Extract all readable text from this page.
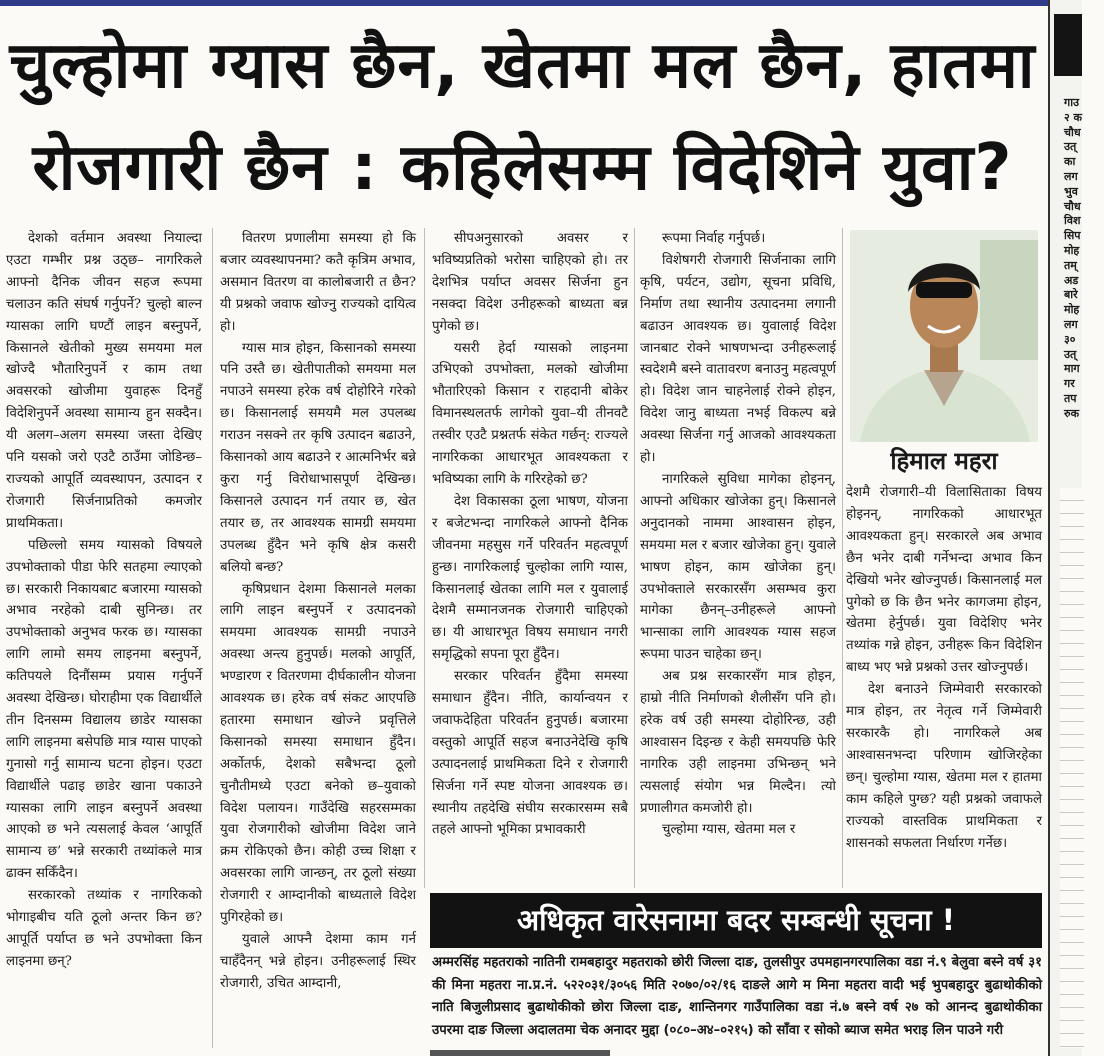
चुल्होमा ग्यास छैन, खेतमा मल छैन, हातमा
रोजगारी छैन : कहिलेसम्म विदेशिने युवा?

देशको वर्तमान अवस्था नियाल्दा एउटा गम्भीर प्रश्न उठ्छ– नागरिकले आफ्नो दैनिक जीवन सहज रूपमा चलाउन कति संघर्ष गर्नुपर्ने? चुल्हो बाल्न ग्यासका लागि घण्टौं लाइन बस्नुपर्ने, किसानले खेतीको मुख्य समयमा मल खोज्दै भौतारिनुपर्ने र काम तथा अवसरको खोजीमा युवाहरू दिनहुँ विदेशिनुपर्ने अवस्था सामान्य हुन सक्दैन। यी अलग–अलग समस्या जस्ता देखिए पनि यसको जरो एउटै ठाउँमा जोडिन्छ–राज्यको आपूर्ति व्यवस्थापन, उत्पादन र रोजगारी सिर्जनाप्रतिको कमजोर प्राथमिकता।

पछिल्लो समय ग्यासको विषयले उपभोक्ताको पीडा फेरि सतहमा ल्याएको छ। सरकारी निकायबाट बजारमा ग्यासको अभाव नरहेको दाबी सुनिन्छ। तर उपभोक्ताको अनुभव फरक छ। ग्यासका लागि लामो समय लाइनमा बस्नुपर्ने, कतिपयले दिनौंसम्म प्रयास गर्नुपर्ने अवस्था देखिन्छ। घोराहीमा एक विद्यार्थीले तीन दिनसम्म विद्यालय छाडेर ग्यासका लागि लाइनमा बसेपछि मात्र ग्यास पाएको गुनासो गर्नु सामान्य घटना होइन। एउटा विद्यार्थीले पढाइ छाडेर खाना पकाउने ग्यासका लागि लाइन बस्नुपर्ने अवस्था आएको छ भने त्यसलाई केवल ‘आपूर्ति सामान्य छ’ भन्ने सरकारी तथ्यांकले मात्र ढाक्न सकिँदैन।

सरकारको तथ्यांक र नागरिकको भोगाइबीच यति ठूलो अन्तर किन छ? आपूर्ति पर्याप्त छ भने उपभोक्ता किन लाइनमा छन्?

वितरण प्रणालीमा समस्या हो कि बजार व्यवस्थापनमा? कतै कृत्रिम अभाव, असमान वितरण वा कालोबजारी त छैन? यी प्रश्नको जवाफ खोज्नु राज्यको दायित्व हो।

ग्यास मात्र होइन, किसानको समस्या पनि उस्तै छ। खेतीपातीको समयमा मल नपाउने समस्या हरेक वर्ष दोहोरिने गरेको छ। किसानलाई समयमै मल उपलब्ध गराउन नसक्ने तर कृषि उत्पादन बढाउने, किसानको आय बढाउने र आत्मनिर्भर बन्ने कुरा गर्नु विरोधाभासपूर्ण देखिन्छ। किसानले उत्पादन गर्न तयार छ, खेत तयार छ, तर आवश्यक सामग्री समयमा उपलब्ध हुँदैन भने कृषि क्षेत्र कसरी बलियो बन्छ?

कृषिप्रधान देशमा किसानले मलका लागि लाइन बस्नुपर्ने र उत्पादनको समयमा आवश्यक सामग्री नपाउने अवस्था अन्त्य हुनुपर्छ। मलको आपूर्ति, भण्डारण र वितरणमा दीर्घकालीन योजना आवश्यक छ। हरेक वर्ष संकट आएपछि हतारमा समाधान खोज्ने प्रवृत्तिले किसानको समस्या समाधान हुँदैन। अर्कोतर्फ, देशको सबैभन्दा ठूलो चुनौतीमध्ये एउटा बनेको छ–युवाको विदेश पलायन। गाउँदेखि सहरसम्मका युवा रोजगारीको खोजीमा विदेश जाने क्रम रोकिएको छैन। कोही उच्च शिक्षा र अवसरका लागि जान्छन्, तर ठूलो संख्या रोजगारी र आम्दानीको बाध्यताले विदेश पुगिरहेको छ।

युवाले आफ्नै देशमा काम गर्न चाहँदैनन् भन्ने होइन। उनीहरूलाई स्थिर रोजगारी, उचित आम्दानी,

सीपअनुसारको अवसर र भविष्यप्रतिको भरोसा चाहिएको हो। तर देशभित्र पर्याप्त अवसर सिर्जना हुन नसक्दा विदेश उनीहरूको बाध्यता बन्न पुगेको छ।

यसरी हेर्दा ग्यासको लाइनमा उभिएको उपभोक्ता, मलको खोजीमा भौतारिएको किसान र राहदानी बोकेर विमानस्थलतर्फ लागेको युवा–यी तीनवटै तस्वीर एउटै प्रश्नतर्फ संकेत गर्छन्: राज्यले नागरिकका आधारभूत आवश्यकता र भविष्यका लागि के गरिरहेको छ?

देश विकासका ठूला भाषण, योजना र बजेटभन्दा नागरिकले आफ्नो दैनिक जीवनमा महसुस गर्ने परिवर्तन महत्वपूर्ण हुन्छ। नागरिकलाई चुल्होका लागि ग्यास, किसानलाई खेतका लागि मल र युवालाई देशमै सम्मानजनक रोजगारी चाहिएको छ। यी आधारभूत विषय समाधान नगरी समृद्धिको सपना पूरा हुँदैन।

सरकार परिवर्तन हुँदैमा समस्या समाधान हुँदैन। नीति, कार्यान्वयन र जवाफदेहिता परिवर्तन हुनुपर्छ। बजारमा वस्तुको आपूर्ति सहज बनाउनेदेखि कृषि उत्पादनलाई प्राथमिकता दिने र रोजगारी सिर्जना गर्ने स्पष्ट योजना आवश्यक छ। स्थानीय तहदेखि संघीय सरकारसम्म सबै तहले आफ्नो भूमिका प्रभावकारी

रूपमा निर्वाह गर्नुपर्छ।

विशेषगरी रोजगारी सिर्जनाका लागि कृषि, पर्यटन, उद्योग, सूचना प्रविधि, निर्माण तथा स्थानीय उत्पादनमा लगानी बढाउन आवश्यक छ। युवालाई विदेश जानबाट रोक्ने भाषणभन्दा उनीहरूलाई स्वदेशमै बस्ने वातावरण बनाउनु महत्वपूर्ण हो। विदेश जान चाहनेलाई रोक्ने होइन, विदेश जानु बाध्यता नभई विकल्प बन्ने अवस्था सिर्जना गर्नु आजको आवश्यकता हो।

नागरिकले सुविधा मागेका होइनन्, आफ्नो अधिकार खोजेका हुन्। किसानले अनुदानको नाममा आश्वासन होइन, समयमा मल र बजार खोजेका हुन्। युवाले भाषण होइन, काम खोजेका हुन्। उपभोक्ताले सरकारसँग असम्भव कुरा मागेका छैनन्–उनीहरूले आफ्नो भान्साका लागि आवश्यक ग्यास सहज रूपमा पाउन चाहेका छन्।

अब प्रश्न सरकारसँग मात्र होइन, हाम्रो नीति निर्माणको शैलीसँग पनि हो। हरेक वर्ष उही समस्या दोहोरिन्छ, उही आश्वासन दिइन्छ र केही समयपछि फेरि नागरिक उही लाइनमा उभिन्छन् भने त्यसलाई संयोग भन्न मिल्दैन। त्यो प्रणालीगत कमजोरी हो।

चुल्होमा ग्यास, खेतमा मल र

हिमाल महरा

देशमै रोजगारी–यी विलासिताका विषय होइनन्, नागरिकको आधारभूत आवश्यकता हुन्। सरकारले अब अभाव छैन भनेर दाबी गर्नेभन्दा अभाव किन देखियो भनेर खोज्नुपर्छ। किसानलाई मल पुगेको छ कि छैन भनेर कागजमा होइन, खेतमा हेर्नुपर्छ। युवा विदेशिए भनेर तथ्यांक गन्ने होइन, उनीहरू किन विदेशिन बाध्य भए भन्ने प्रश्नको उत्तर खोज्नुपर्छ।

देश बनाउने जिम्मेवारी सरकारको मात्र होइन, तर नेतृत्व गर्ने जिम्मेवारी सरकारकै हो। नागरिकले अब आश्वासनभन्दा परिणाम खोजिरहेका छन्। चुल्होमा ग्यास, खेतमा मल र हातमा काम कहिले पुग्छ? यही प्रश्नको जवाफले राज्यको वास्तविक प्राथमिकता र शासनको सफलता निर्धारण गर्नेछ।

अधिकृत वारेसनामा बदर सम्बन्धी सूचना !
अम्मरसिंह महतराको नातिनी रामबहादुर महतराको छोरी जिल्ला दाङ, तुलसीपुर उपमहानगरपालिका वडा नं.९ बेलुवा बस्ने वर्ष ३१ की मिना महतरा ना.प्र.नं. ५२२०३१/३०५६ मिति २०७०/०२/१६ दाङले आगे म मिना महतरा वादी भई भुपबहादुर बुढाथोकीको नाति बिजुलीप्रसाद बुढाथोकीको छोरा जिल्ला दाङ, शान्तिनगर गाउँपालिका वडा नं.७ बस्ने वर्ष २७ को आनन्द बुढाथोकीका उपरमा दाङ जिल्ला अदालतमा चेक अनादर मुद्दा (०८०–अ४–०२१५) को साँवा र सोको ब्याज समेत भराइ लिन पाउने गरी
गाउ
२ क
चौध
उत्
का
लग
भुव
चौध
विश
सिप
मोह
तम्
अड
बारे
मोह
लग
३०
उत्
माग
गर
तप
रुक
